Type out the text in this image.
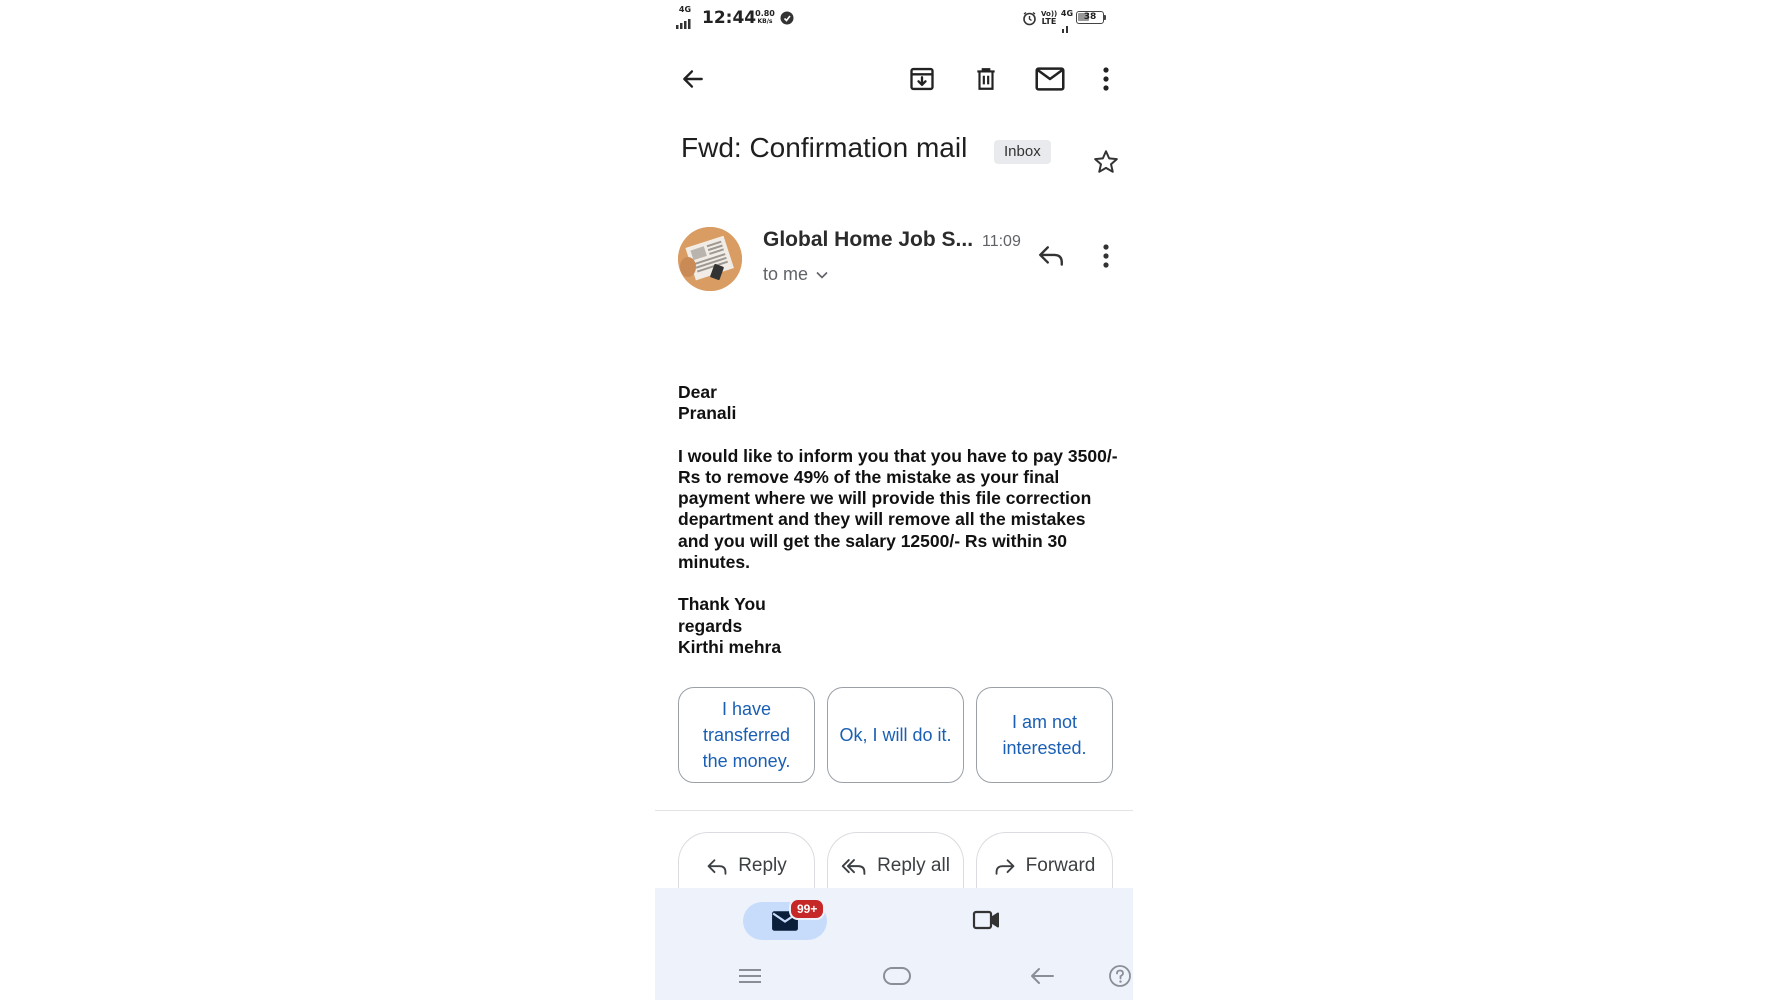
4G 12:44 0.80
KB/s
Vo))
LTE
4G	38
Fwd: Confirmation mail	Inbox
Global Home Job S... 11:09
to me

Dear

Pranali

I would like to inform you that you have to pay 3500/- Rs to remove 49% of the mistake as your final payment where we will provide this file correction department and they will remove all the mistakes and you will get the salary 12500/- Rs within 30 minutes.

Thank You

regards

Kirthi mehra

I have transferred the money.
Ok, I will do it.
I am not interested.
Reply	Reply all	Forward
99+
